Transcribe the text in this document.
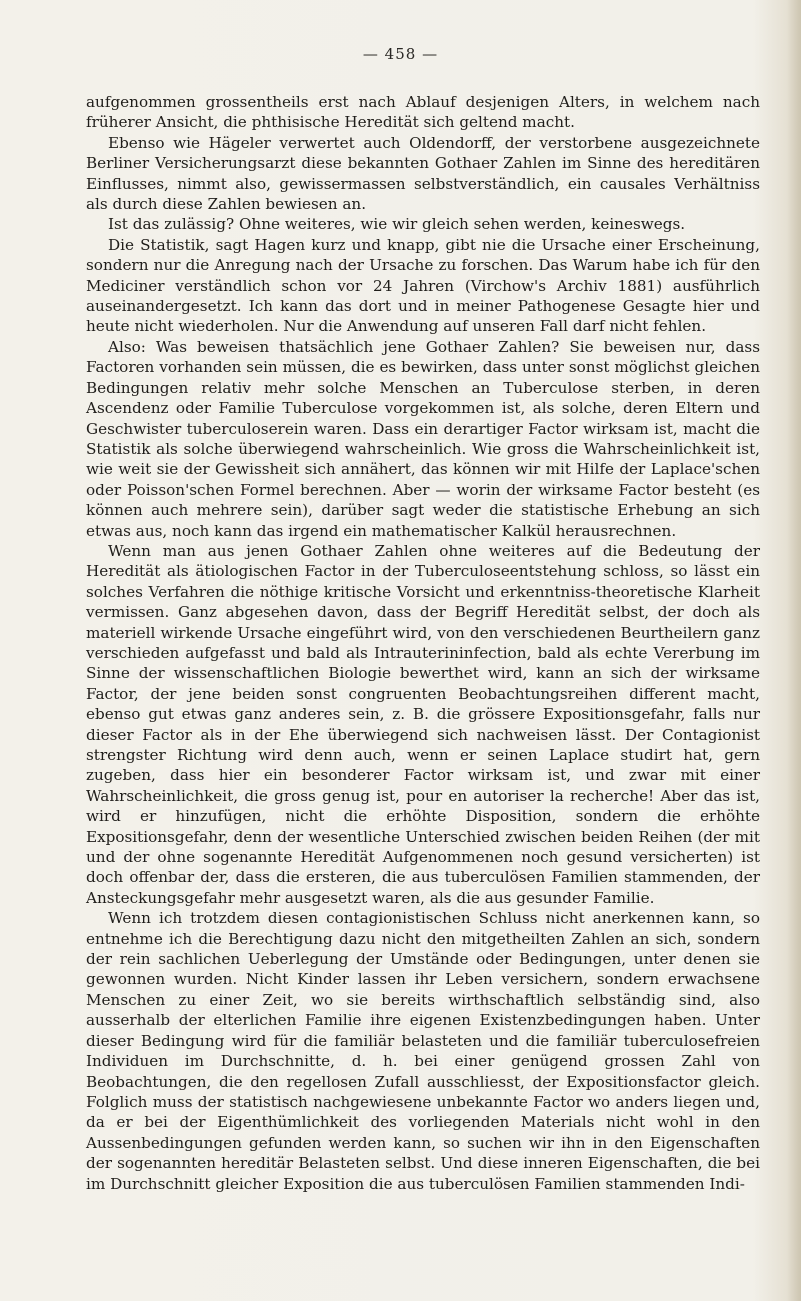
— 458 —

aufgenommen grossentheils erst nach Ablauf desjenigen Alters, in welchem nach früherer Ansicht, die phthisische Heredität sich geltend macht.

Ebenso wie Hägeler verwertet auch Oldendorff, der verstorbene ausgezeichnete Berliner Versicherungsarzt diese bekannten Gothaer Zahlen im Sinne des hereditären Einflusses, nimmt also, gewissermassen selbstverständlich, ein causales Verhältniss als durch diese Zahlen bewiesen an.

Ist das zulässig? Ohne weiteres, wie wir gleich sehen werden, keineswegs.

Die Statistik, sagt Hagen kurz und knapp, gibt nie die Ursache einer Erscheinung, sondern nur die Anregung nach der Ursache zu forschen. Das Warum habe ich für den Mediciner verständlich schon vor 24 Jahren (Virchow's Archiv 1881) ausführlich auseinandergesetzt. Ich kann das dort und in meiner Pathogenese Gesagte hier und heute nicht wiederholen. Nur die Anwendung auf unseren Fall darf nicht fehlen.

Also: Was beweisen thatsächlich jene Gothaer Zahlen? Sie beweisen nur, dass Factoren vorhanden sein müssen, die es bewirken, dass unter sonst möglichst gleichen Bedingungen relativ mehr solche Menschen an Tuberculose sterben, in deren Ascendenz oder Familie Tuberculose vorgekommen ist, als solche, deren Eltern und Geschwister tuberculoserein waren. Dass ein derartiger Factor wirksam ist, macht die Statistik als solche überwiegend wahrscheinlich. Wie gross die Wahrscheinlichkeit ist, wie weit sie der Gewissheit sich annähert, das können wir mit Hilfe der Laplace'schen oder Poisson'schen Formel berechnen. Aber — worin der wirksame Factor besteht (es können auch mehrere sein), darüber sagt weder die statistische Erhebung an sich etwas aus, noch kann das irgend ein mathematischer Kalkül herausrechnen.

Wenn man aus jenen Gothaer Zahlen ohne weiteres auf die Bedeutung der Heredität als ätiologischen Factor in der Tuberculoseentstehung schloss, so lässt ein solches Verfahren die nöthige kritische Vorsicht und erkenntniss-theoretische Klarheit vermissen. Ganz abgesehen davon, dass der Begriff Heredität selbst, der doch als materiell wirkende Ursache eingeführt wird, von den verschiedenen Beurtheilern ganz verschieden aufgefasst und bald als Intrauterininfection, bald als echte Vererbung im Sinne der wissenschaftlichen Biologie bewerthet wird, kann an sich der wirksame Factor, der jene beiden sonst congruenten Beobachtungsreihen different macht, ebenso gut etwas ganz anderes sein, z. B. die grössere Expositionsgefahr, falls nur dieser Factor als in der Ehe überwiegend sich nachweisen lässt. Der Contagionist strengster Richtung wird denn auch, wenn er seinen Laplace studirt hat, gern zugeben, dass hier ein besonderer Factor wirksam ist, und zwar mit einer Wahrscheinlichkeit, die gross genug ist, pour en autoriser la recherche! Aber das ist, wird er hinzufügen, nicht die erhöhte Disposition, sondern die erhöhte Expositionsgefahr, denn der wesentliche Unterschied zwischen beiden Reihen (der mit und der ohne sogenannte Heredität Aufgenommenen noch gesund versicherten) ist doch offenbar der, dass die ersteren, die aus tuberculösen Familien stammenden, der Ansteckungsgefahr mehr ausgesetzt waren, als die aus gesunder Familie.

Wenn ich trotzdem diesen contagionistischen Schluss nicht anerkennen kann, so entnehme ich die Berechtigung dazu nicht den mitgetheilten Zahlen an sich, sondern der rein sachlichen Ueberlegung der Umstände oder Bedingungen, unter denen sie gewonnen wurden. Nicht Kinder lassen ihr Leben versichern, sondern erwachsene Menschen zu einer Zeit, wo sie bereits wirthschaftlich selbständig sind, also ausserhalb der elterlichen Familie ihre eigenen Existenzbedingungen haben. Unter dieser Bedingung wird für die familiär belasteten und die familiär tuberculosefreien Individuen im Durchschnitte, d. h. bei einer genügend grossen Zahl von Beobachtungen, die den regellosen Zufall ausschliesst, der Expositionsfactor gleich. Folglich muss der statistisch nachgewiesene unbekannte Factor wo anders liegen und, da er bei der Eigenthümlichkeit des vorliegenden Materials nicht wohl in den Aussenbedingungen gefunden werden kann, so suchen wir ihn in den Eigenschaften der sogenannten hereditär Belasteten selbst. Und diese inneren Eigenschaften, die bei im Durchschnitt gleicher Exposition die aus tuberculösen Familien stammenden Indi-
